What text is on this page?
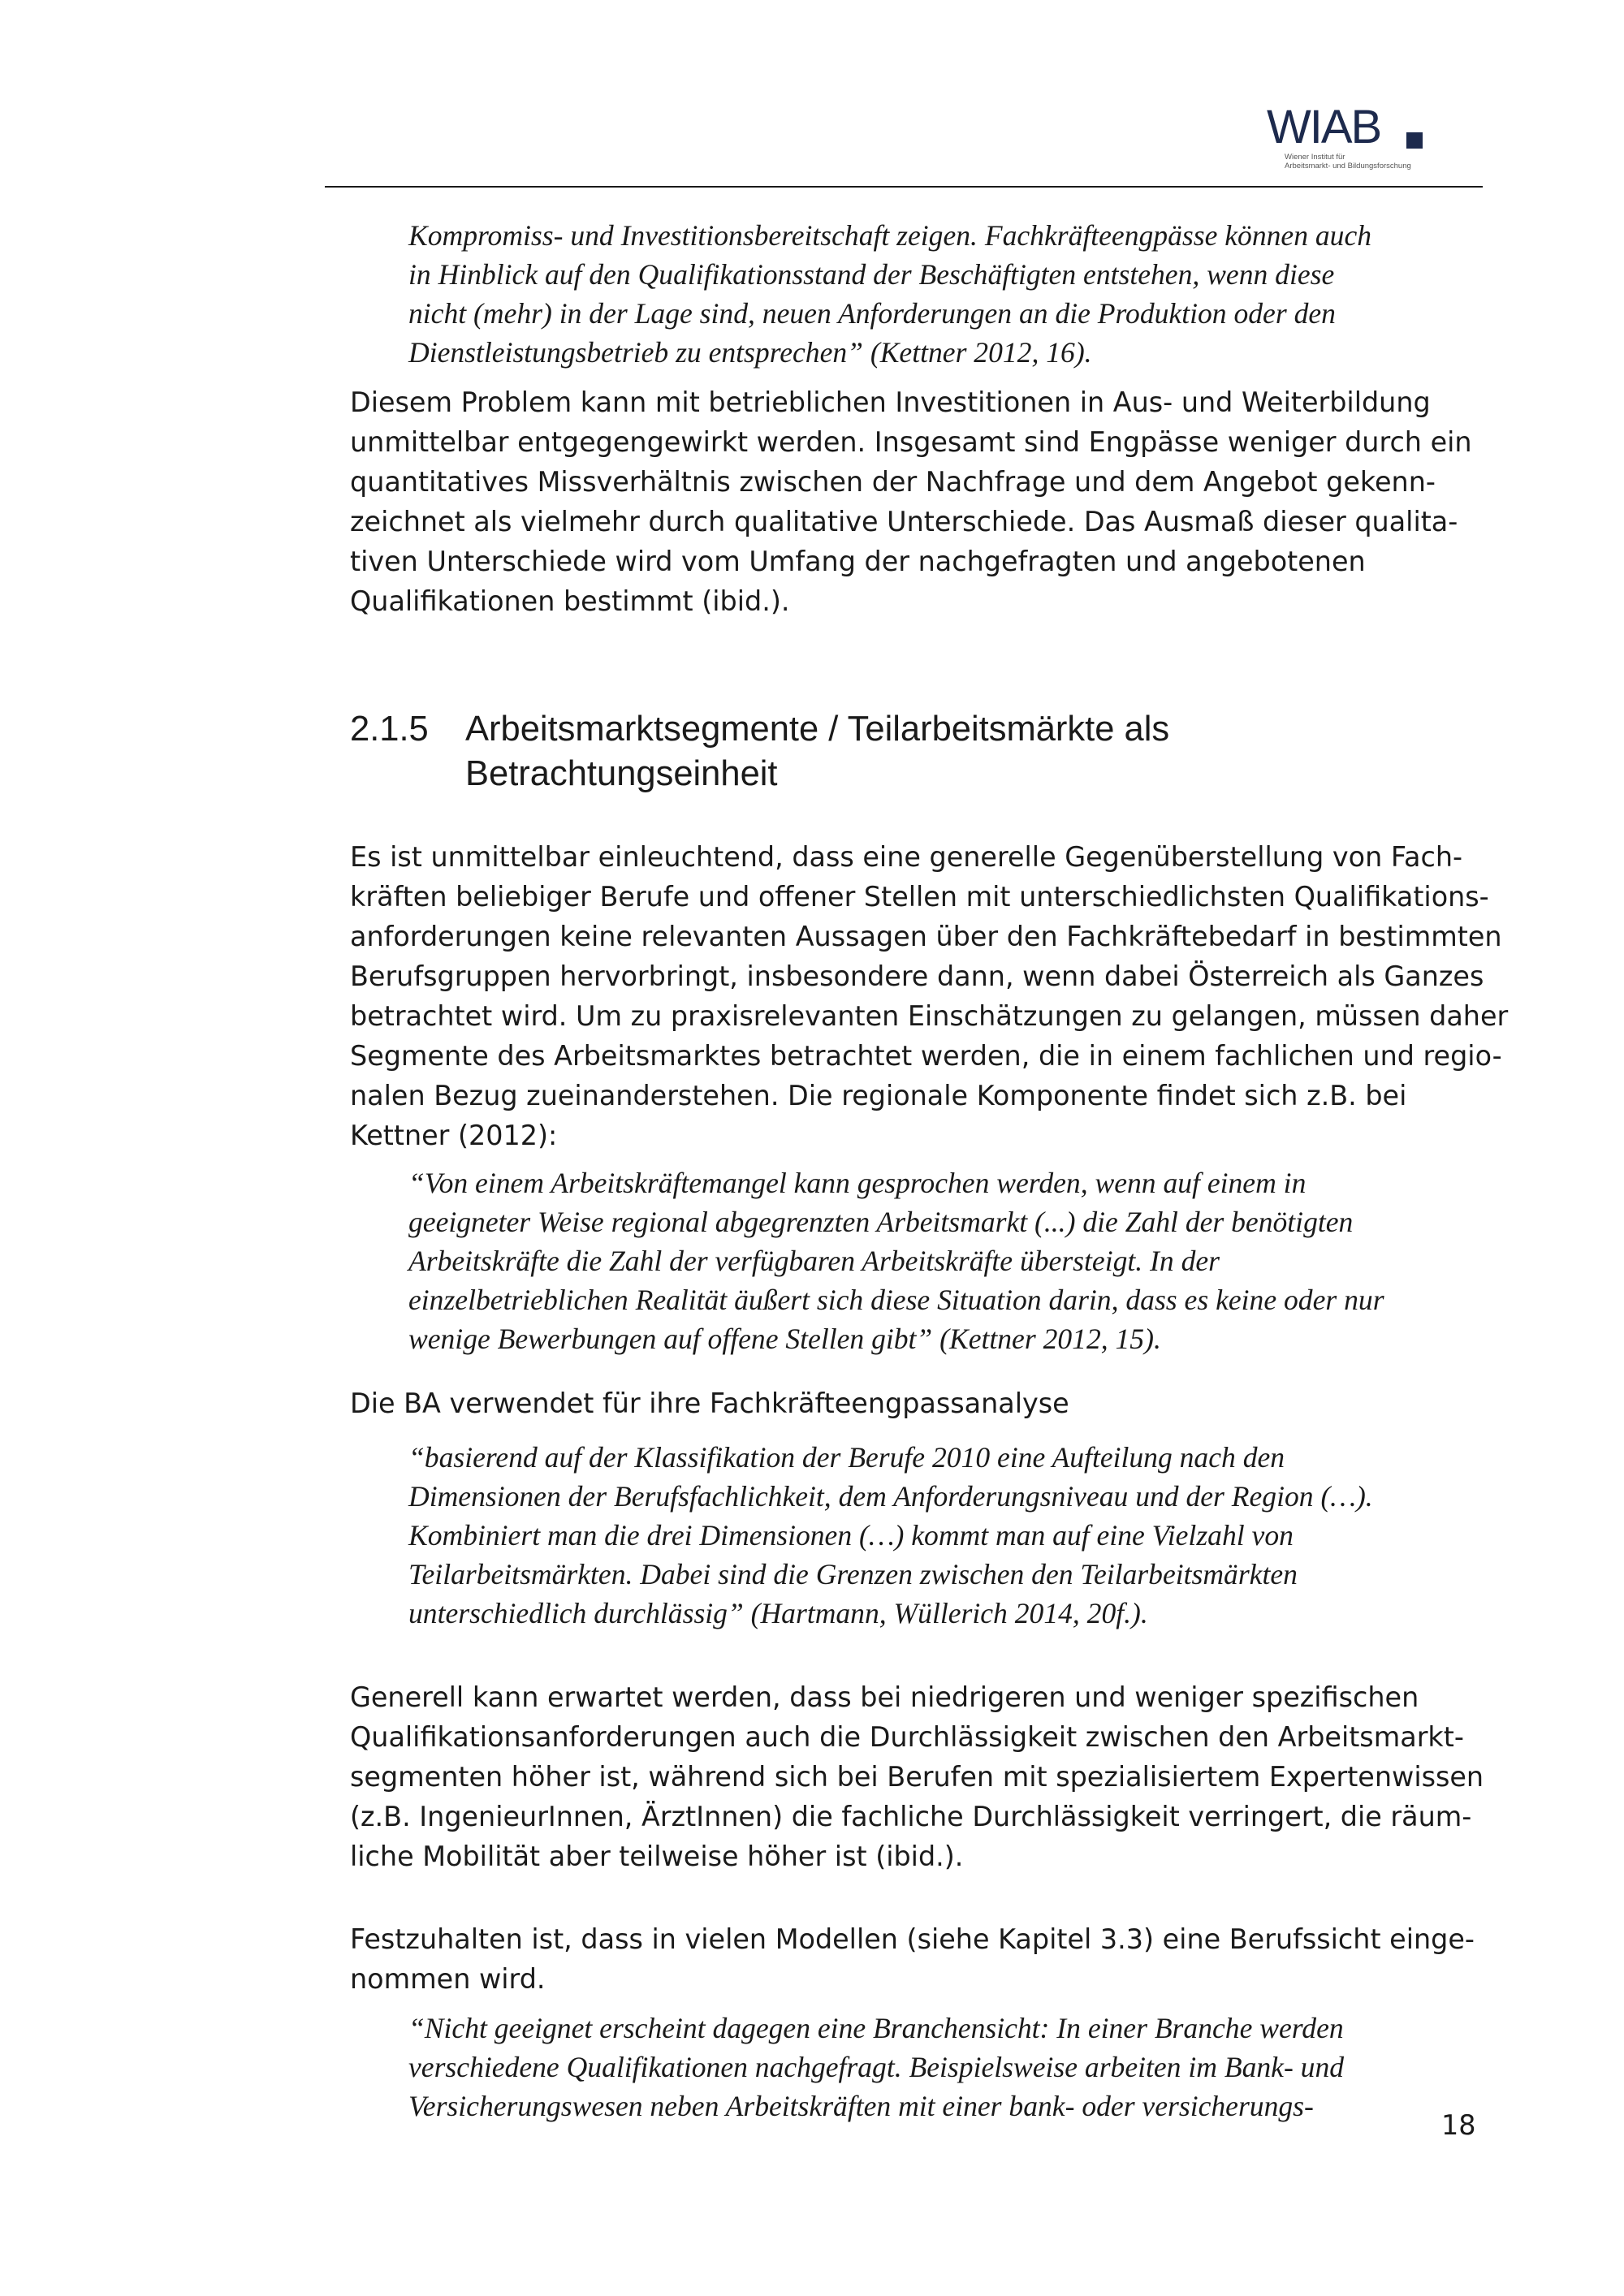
WIAB
Wiener Institut für
Arbeitsmarkt- und Bildungsforschung
Kompromiss- und Investitionsbereitschaft zeigen. Fachkräfteengpässe können auch
in Hinblick auf den Qualifikationsstand der Beschäftigten entstehen, wenn diese
nicht (mehr) in der Lage sind, neuen Anforderungen an die Produktion oder den
Dienstleistungsbetrieb zu entsprechen” (Kettner 2012, 16).
Diesem Problem kann mit betrieblichen Investitionen in Aus- und Weiterbildung
unmittelbar entgegengewirkt werden. Insgesamt sind Engpässe weniger durch ein
quantitatives Missverhältnis zwischen der Nachfrage und dem Angebot gekenn-
zeichnet als vielmehr durch qualitative Unterschiede. Das Ausmaß dieser qualita-
tiven Unterschiede wird vom Umfang der nachgefragten und angebotenen
Qualifikationen bestimmt (ibid.).
2.1.5 Arbeitsmarktsegmente / Teilarbeitsmärkte als
Betrachtungseinheit
Es ist unmittelbar einleuchtend, dass eine generelle Gegenüberstellung von Fach-
kräften beliebiger Berufe und offener Stellen mit unterschiedlichsten Qualifikations-
anforderungen keine relevanten Aussagen über den Fachkräftebedarf in bestimmten
Berufsgruppen hervorbringt, insbesondere dann, wenn dabei Österreich als Ganzes
betrachtet wird. Um zu praxisrelevanten Einschätzungen zu gelangen, müssen daher
Segmente des Arbeitsmarktes betrachtet werden, die in einem fachlichen und regio-
nalen Bezug zueinanderstehen. Die regionale Komponente findet sich z.B. bei
Kettner (2012):
“Von einem Arbeitskräftemangel kann gesprochen werden, wenn auf einem in
geeigneter Weise regional abgegrenzten Arbeitsmarkt (...) die Zahl der benötigten
Arbeitskräfte die Zahl der verfügbaren Arbeitskräfte übersteigt. In der
einzelbetrieblichen Realität äußert sich diese Situation darin, dass es keine oder nur
wenige Bewerbungen auf offene Stellen gibt” (Kettner 2012, 15).
Die BA verwendet für ihre Fachkräfteengpassanalyse
“basierend auf der Klassifikation der Berufe 2010 eine Aufteilung nach den
Dimensionen der Berufsfachlichkeit, dem Anforderungsniveau und der Region (…).
Kombiniert man die drei Dimensionen (…) kommt man auf eine Vielzahl von
Teilarbeitsmärkten. Dabei sind die Grenzen zwischen den Teilarbeitsmärkten
unterschiedlich durchlässig” (Hartmann, Wüllerich 2014, 20f.).
Generell kann erwartet werden, dass bei niedrigeren und weniger spezifischen
Qualifikationsanforderungen auch die Durchlässigkeit zwischen den Arbeitsmarkt-
segmenten höher ist, während sich bei Berufen mit spezialisiertem Expertenwissen
(z.B. IngenieurInnen, ÄrztInnen) die fachliche Durchlässigkeit verringert, die räum-
liche Mobilität aber teilweise höher ist (ibid.).
Festzuhalten ist, dass in vielen Modellen (siehe Kapitel 3.3) eine Berufssicht einge-
nommen wird.
“Nicht geeignet erscheint dagegen eine Branchensicht: In einer Branche werden
verschiedene Qualifikationen nachgefragt. Beispielsweise arbeiten im Bank- und
Versicherungswesen neben Arbeitskräften mit einer bank- oder versicherungs-
18
